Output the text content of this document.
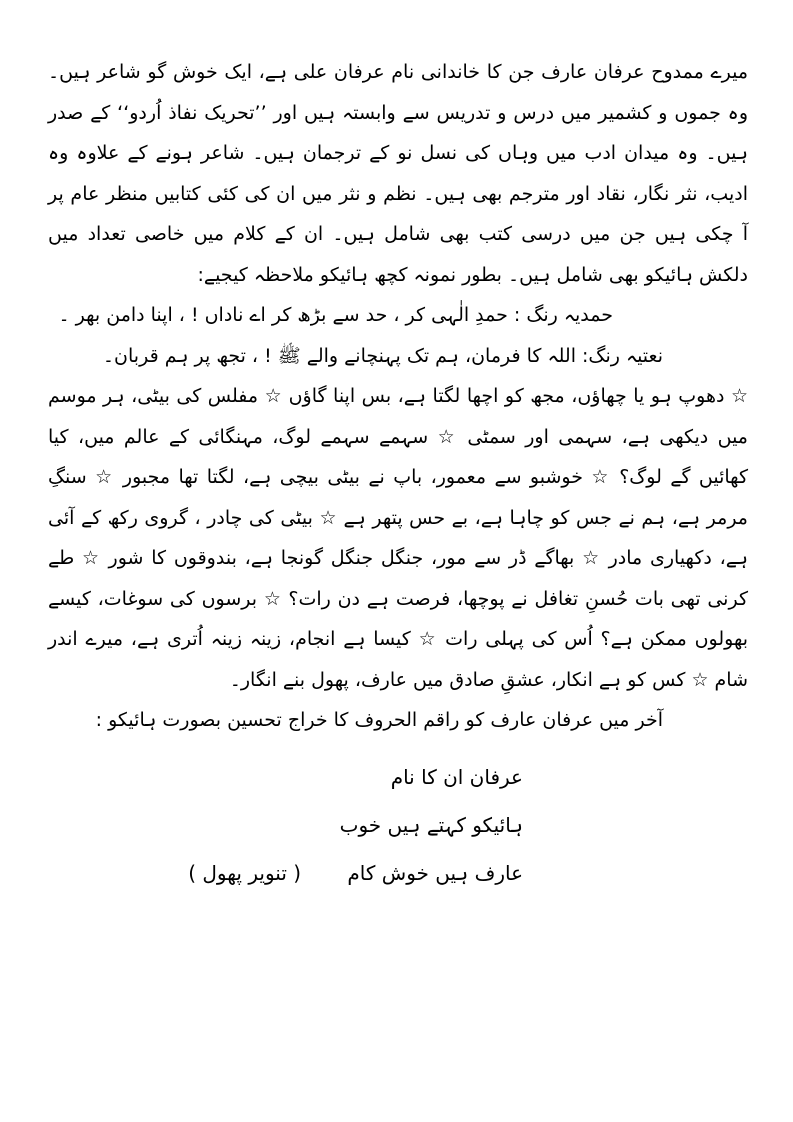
میرے ممدوح عرفان عارف جن کا خاندانی نام عرفان علی ہے، ایک خوش گو شاعر ہیں۔ وہ جموں و کشمیر میں درس و تدریس سے وابستہ ہیں اور ’’تحریک نفاذ اُردو‘‘ کے صدر ہیں۔ وہ میدان ادب میں وہاں کی نسل نو کے ترجمان ہیں۔ شاعر ہونے کے علاوہ وہ ادیب، نثر نگار، نقاد اور مترجم بھی ہیں۔ نظم و نثر میں ان کی کئی کتابیں منظر عام پر آ چکی ہیں جن میں درسی کتب بھی شامل ہیں۔ ان کے کلام میں خاصی تعداد میں دلکش ہائیکو بھی شامل ہیں۔ بطور نمونہ کچھ ہائیکو ملاحظہ کیجیے:

حمدیہ رنگ : حمدِ الٰہی کر ، حد سے بڑھ کر اے ناداں ! ، اپنا دامن بھر ۔

نعتیہ رنگ: اللہ کا فرمان، ہم تک پہنچانے والے ﷺ ! ، تجھ پر ہم قربان۔

☆ دھوپ ہو یا چھاؤں، مجھ کو اچھا لگتا ہے، بس اپنا گاؤں ☆ مفلس کی بیٹی، ہر موسم میں دیکھی ہے، سہمی اور سمٹی ☆ سہمے سہمے لوگ، مہنگائی کے عالم میں، کیا کھائیں گے لوگ؟ ☆ خوشبو سے معمور، باپ نے بیٹی بیچی ہے، لگتا تھا مجبور ☆ سنگِ مرمر ہے، ہم نے جس کو چاہا ہے، بے حس پتھر ہے ☆ بیٹی کی چادر ، گروی رکھ کے آئی ہے، دکھیاری مادر ☆ بھاگے ڈر سے مور، جنگل جنگل گونجا ہے، بندوقوں کا شور ☆ طے کرنی تھی بات حُسنِ تغافل نے پوچھا، فرصت ہے دن رات؟ ☆ برسوں کی سوغات، کیسے بھولوں ممکن ہے؟ اُس کی پہلی رات ☆ کیسا ہے انجام، زینہ زینہ اُتری ہے، میرے اندر شام ☆ کس کو ہے انکار، عشقِ صادق میں عارف، پھول بنے انگار۔

آخر میں عرفان عارف کو راقم الحروف کا خراج تحسین بصورت ہائیکو :

عرفان ان کا نام
ہائیکو کہتے ہیں خوب
عارف ہیں خوش کام ( تنویر پھول )
